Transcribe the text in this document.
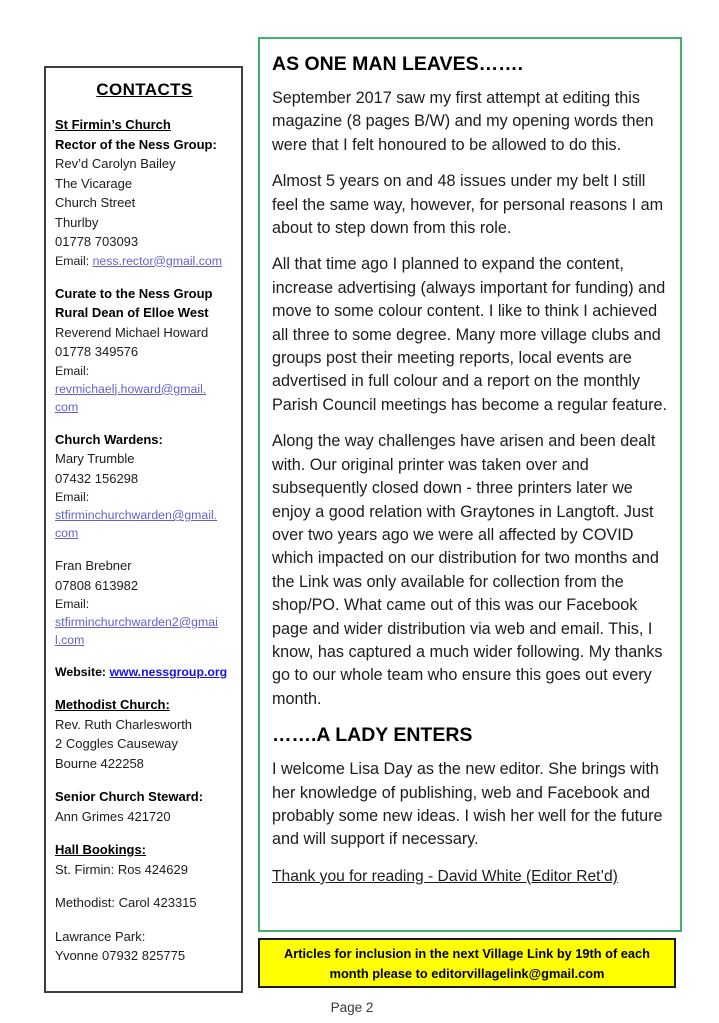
CONTACTS
St Firmin’s Church
Rector of the Ness Group:
Rev’d Carolyn Bailey
The Vicarage
Church Street
Thurlby
01778 703093
Email: ness.rector@gmail.com
Curate to the Ness Group
Rural Dean of Elloe West
Reverend Michael Howard
01778 349576
Email:
revmichaelj.howard@gmail.
com
Church Wardens:
Mary Trumble
07432 156298
Email:
stfirminchurchwarden@gmail.
com
Fran Brebner
07808 613982
Email:
stfirminchurchwarden2@gmai
l.com
Website: www.nessgroup.org
Methodist Church:
Rev. Ruth Charlesworth
2 Coggles Causeway
Bourne 422258
Senior Church Steward:
Ann Grimes 421720
Hall Bookings:
St. Firmin: Ros 424629
Methodist: Carol 423315
Lawrance Park:
Yvonne 07932 825775
AS ONE MAN LEAVES…….

September 2017 saw my first attempt at editing this magazine (8 pages B/W) and my opening words then were that I felt honoured to be allowed to do this.

Almost 5 years on and 48 issues under my belt I still feel the same way, however, for personal reasons I am about to step down from this role.

All that time ago I planned to expand the content, increase advertising (always important for funding) and move to some colour content. I like to think I achieved all three to some degree. Many more village clubs and groups post their meeting reports, local events are advertised in full colour and a report on the monthly Parish Council meetings has become a regular feature.

Along the way challenges have arisen and been dealt with. Our original printer was taken over and subsequently closed down - three printers later we enjoy a good relation with Graytones in Langtoft. Just over two years ago we were all affected by COVID which impacted on our distribution for two months and the Link was only available for collection from the shop/PO. What came out of this was our Facebook page and wider distribution via web and email. This, I know, has captured a much wider following. My thanks go to our whole team who ensure this goes out every month.

…….A LADY ENTERS

I welcome Lisa Day as the new editor. She brings with her knowledge of publishing, web and Facebook and probably some new ideas. I wish her well for the future and will support if necessary.

Thank you for reading - David White (Editor Ret’d)
Articles for inclusion in the next Village Link by 19th of each
month please to editorvillagelink@gmail.com
Page 2
